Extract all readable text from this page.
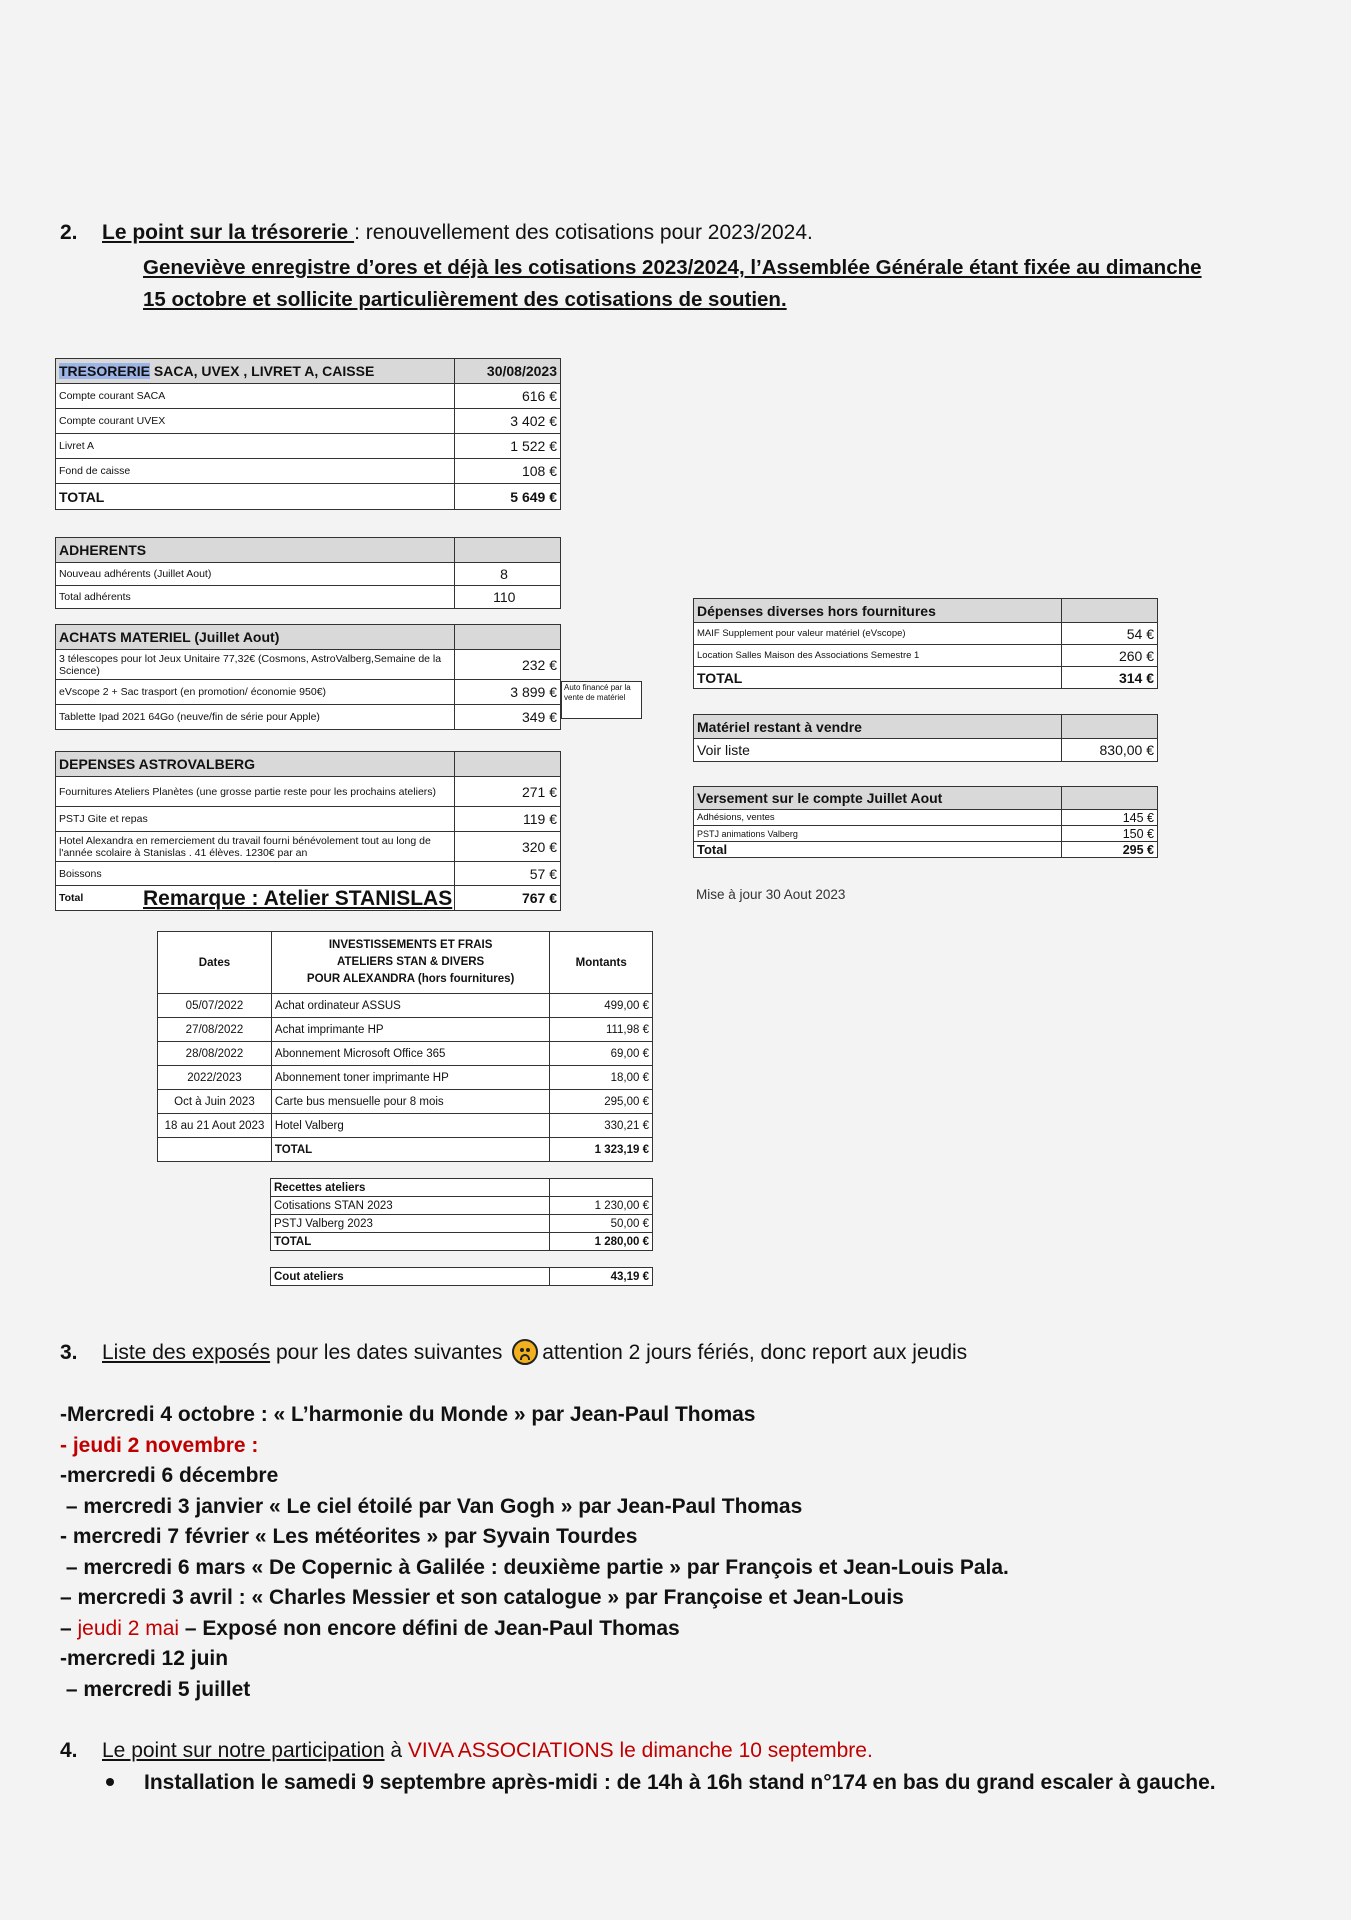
2. Le point sur la trésorerie : renouvellement des cotisations pour 2023/2024.
Geneviève enregistre d’ores et déjà les cotisations 2023/2024, l’Assemblée Générale étant fixée au dimanche
15 octobre et sollicite particulièrement des cotisations de soutien.
TRESORERIE SACA, UVEX , LIVRET A, CAISSE	30/08/2023
Compte courant SACA	616 €
Compte courant UVEX	3 402 €
Livret A	1 522 €
Fond de caisse	108 €
TOTAL	5 649 €
ADHERENTS	
Nouveau adhérents (Juillet Aout)	8
Total adhérents	110
ACHATS MATERIEL (Juillet Aout)	
3 télescopes pour lot Jeux Unitaire 77,32€ (Cosmons, AstroValberg,Semaine de la Science)	232 €
eVscope 2 + Sac trasport (en promotion/ économie 950€)	3 899 €
Tablette Ipad 2021 64Go (neuve/fin de série pour Apple)	349 €
Auto financé par la vente de matériel
DEPENSES ASTROVALBERG	
Fournitures Ateliers Planètes (une grosse partie reste pour les prochains ateliers)	271 €
PSTJ Gite et repas	119 €
Hotel Alexandra en remerciement du travail fourni bénévolement tout au long de l'année scolaire à Stanislas . 41 élèves. 1230€ par an	320 €
Boissons	57 €
Total Remarque : Atelier STANISLAS	767 €
Dépenses diverses hors fournitures	
MAIF Supplement pour valeur matériel (eVscope)	54 €
Location Salles Maison des Associations Semestre 1	260 €
TOTAL	314 €
Matériel restant à vendre	
Voir liste	830,00 €
Versement sur le compte Juillet Aout	
Adhésions, ventes	145 €
PSTJ animations Valberg	150 €
Total	295 €
Mise à jour 30 Aout 2023
Dates	INVESTISSEMENTS ET FRAIS
ATELIERS STAN & DIVERS
POUR ALEXANDRA (hors fournitures)	Montants
05/07/2022	Achat ordinateur ASSUS	499,00 €
27/08/2022	Achat imprimante HP	111,98 €
28/08/2022	Abonnement Microsoft Office 365	69,00 €
2022/2023	Abonnement toner imprimante HP	18,00 €
Oct à Juin 2023	Carte bus mensuelle pour 8 mois	295,00 €
18 au 21 Aout 2023	Hotel Valberg	330,21 €
	TOTAL	1 323,19 €
Recettes ateliers	
Cotisations STAN 2023	1 230,00 €
PSTJ Valberg 2023	50,00 €
TOTAL	1 280,00 €
Cout ateliers	43,19 €
3. Liste des exposés pour les dates suivantes
attention 2 jours fériés, donc report aux jeudis
-Mercredi 4 octobre : « L’harmonie du Monde » par Jean-Paul Thomas
- jeudi 2 novembre :
-mercredi 6 décembre
– mercredi 3 janvier « Le ciel étoilé par Van Gogh » par Jean-Paul Thomas
- mercredi 7 février « Les météorites » par Syvain Tourdes
– mercredi 6 mars « De Copernic à Galilée : deuxième partie » par François et Jean-Louis Pala.
– mercredi 3 avril : « Charles Messier et son catalogue » par Françoise et Jean-Louis
– jeudi 2 mai – Exposé non encore défini de Jean-Paul Thomas
-mercredi 12 juin
– mercredi 5 juillet
4. Le point sur notre participation à VIVA ASSOCIATIONS le dimanche 10 septembre.
Installation le samedi 9 septembre après-midi : de 14h à 16h stand n°174 en bas du grand escaler à gauche.
